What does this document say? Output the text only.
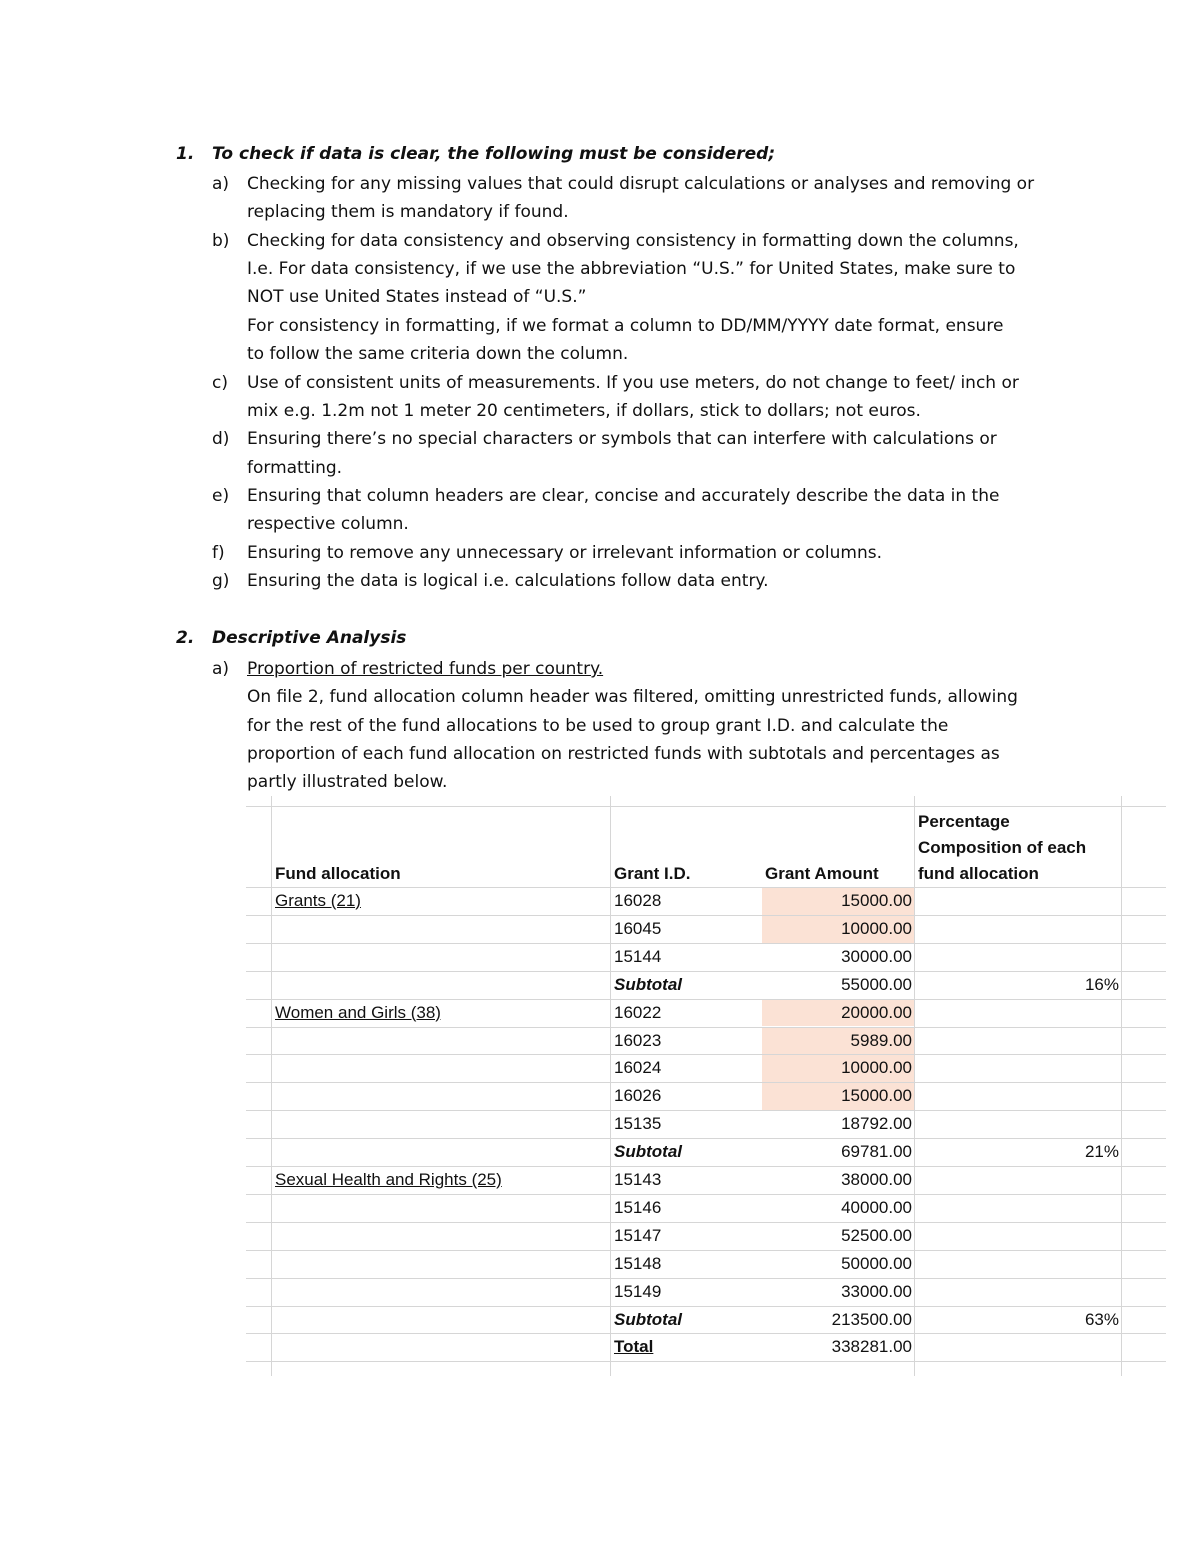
1. To check if data is clear, the following must be considered;
a) Checking for any missing values that could disrupt calculations or analyses and removing or
replacing them is mandatory if found.
b) Checking for data consistency and observing consistency in formatting down the columns,
I.e. For data consistency, if we use the abbreviation “U.S.” for United States, make sure to
NOT use United States instead of “U.S.”
For consistency in formatting, if we format a column to DD/MM/YYYY date format, ensure
to follow the same criteria down the column.
c) Use of consistent units of measurements. If you use meters, do not change to feet/ inch or
mix e.g. 1.2m not 1 meter 20 centimeters, if dollars, stick to dollars; not euros.
d) Ensuring there’s no special characters or symbols that can interfere with calculations or
formatting.
e) Ensuring that column headers are clear, concise and accurately describe the data in the
respective column.
f) Ensuring to remove any unnecessary or irrelevant information or columns.
g) Ensuring the data is logical i.e. calculations follow data entry.
2. Descriptive Analysis
a) Proportion of restricted funds per country.
On file 2, fund allocation column header was filtered, omitting unrestricted funds, allowing
for the rest of the fund allocations to be used to group grant I.D. and calculate the
proportion of each fund allocation on restricted funds with subtotals and percentages as
partly illustrated below.
Fund allocation	Grant I.D.	Grant Amount
Percentage
Composition of each
fund allocation
Grants (21)	16028	15000.00
16045	10000.00
15144	30000.00
Subtotal	55000.00	16%
Women and Girls (38)	16022	20000.00
16023	5989.00
16024	10000.00
16026	15000.00
15135	18792.00
Subtotal	69781.00	21%
Sexual Health and Rights (25)	15143	38000.00
15146	40000.00
15147	52500.00
15148	50000.00
15149	33000.00
Subtotal	213500.00	63%
Total	338281.00
